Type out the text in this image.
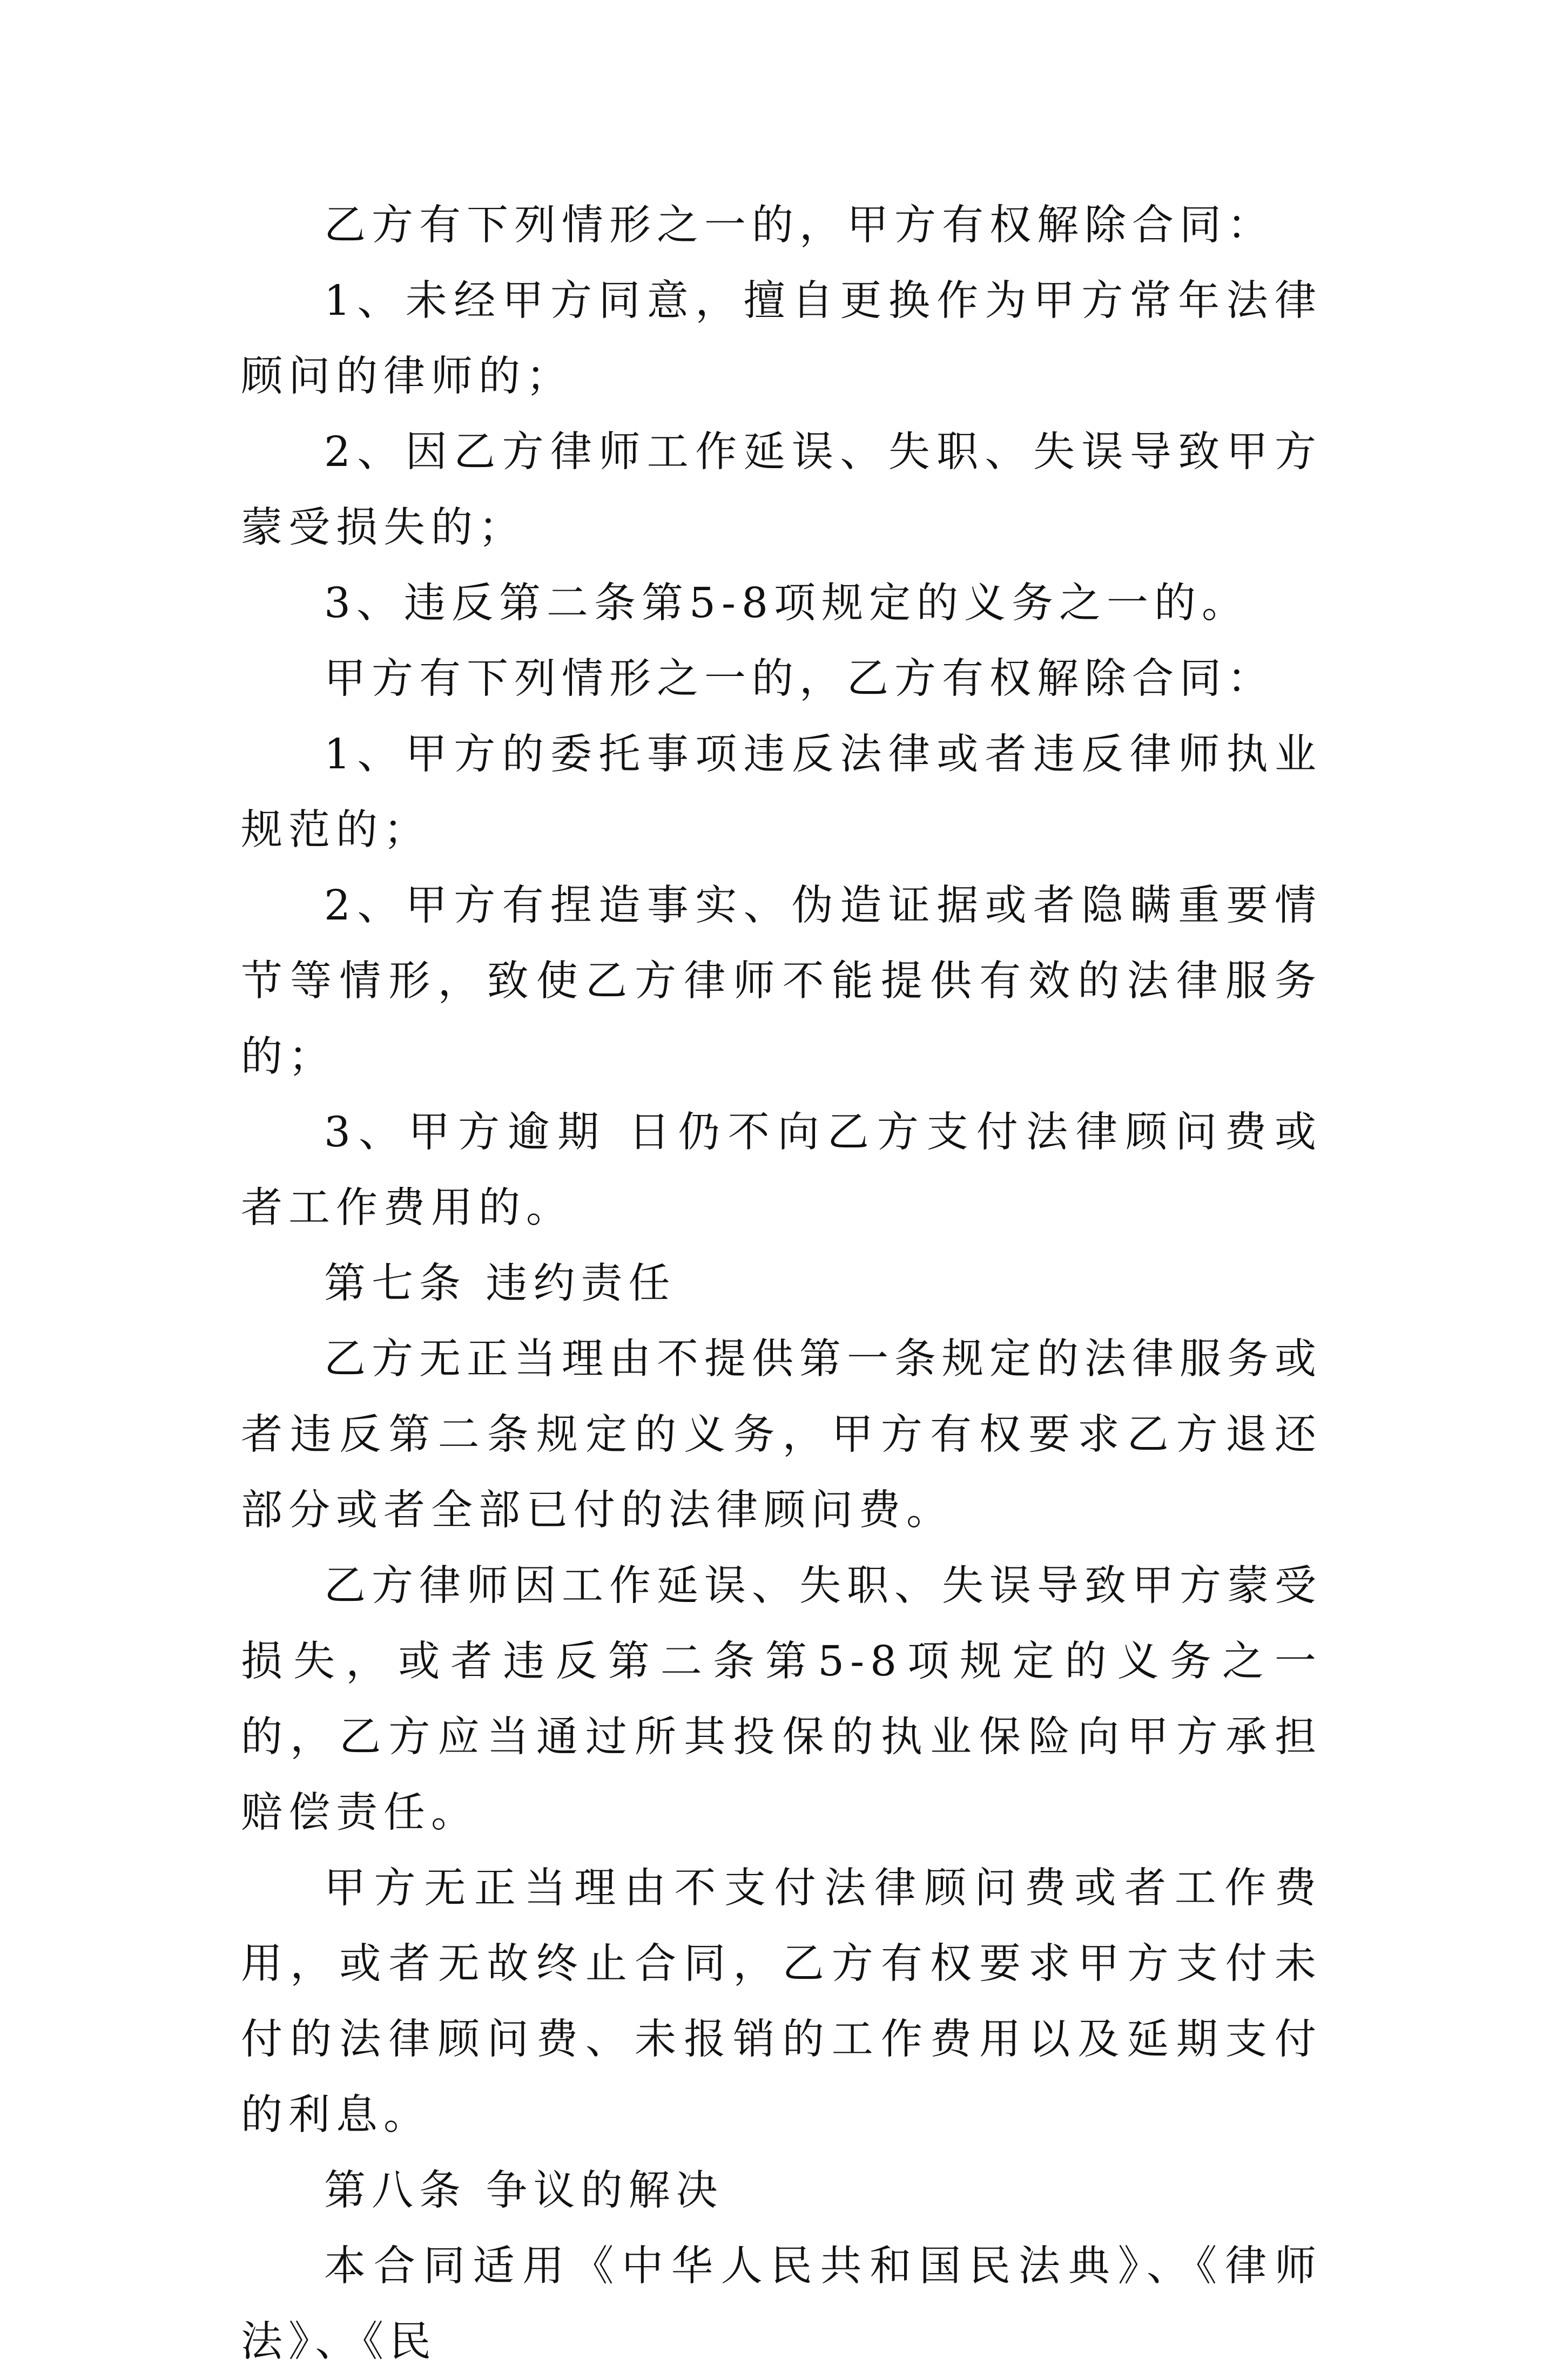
乙方有下列情形之一的，甲方有权解除合同：

1、未经甲方同意，擅自更换作为甲方常年法律顾问的律师的；

2、因乙方律师工作延误、失职、失误导致甲方蒙受损失的；

3、违反第二条第5-8项规定的义务之一的。

甲方有下列情形之一的，乙方有权解除合同：

1、甲方的委托事项违反法律或者违反律师执业规范的；

2、甲方有捏造事实、伪造证据或者隐瞒重要情节等情形，致使乙方律师不能提供有效的法律服务的；

3、甲方逾期 日仍不向乙方支付法律顾问费或者工作费用的。

第七条 违约责任

乙方无正当理由不提供第一条规定的法律服务或者违反第二条规定的义务，甲方有权要求乙方退还部分或者全部已付的法律顾问费。

乙方律师因工作延误、失职、失误导致甲方蒙受损失，或者违反第二条第5-8项规定的义务之一的，乙方应当通过所其投保的执业保险向甲方承担赔偿责任。

甲方无正当理由不支付法律顾问费或者工作费用，或者无故终止合同，乙方有权要求甲方支付未付的法律顾问费、未报销的工作费用以及延期支付的利息。

第八条 争议的解决

本合同适用《中华人民共和国民法典》、《律师法》、《民
